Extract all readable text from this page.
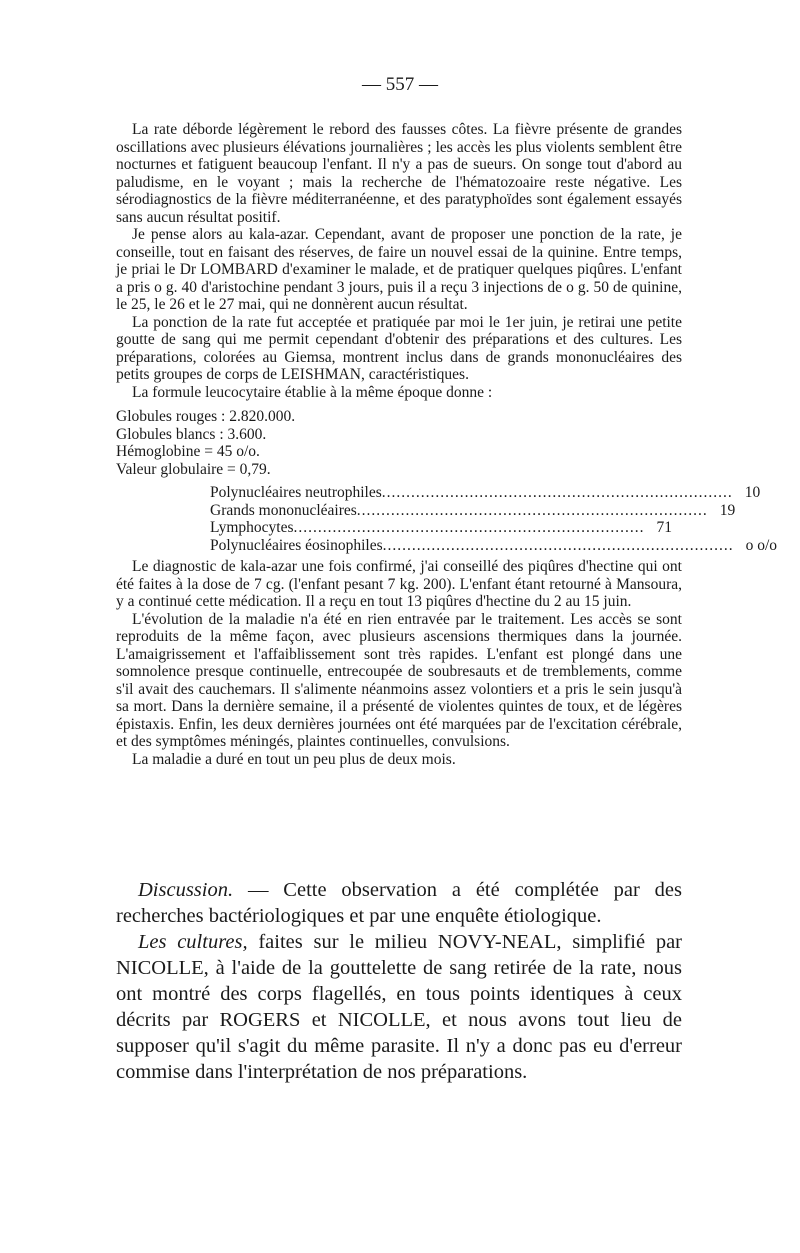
— 557 —

La rate déborde légèrement le rebord des fausses côtes. La fièvre présente de grandes oscillations avec plusieurs élévations journalières ; les accès les plus violents semblent être nocturnes et fatiguent beaucoup l'enfant. Il n'y a pas de sueurs. On songe tout d'abord au paludisme, en le voyant ; mais la recherche de l'hématozoaire reste négative. Les sérodiagnostics de la fièvre méditerranéenne, et des paratyphoïdes sont également essayés sans aucun résultat positif.

Je pense alors au kala-azar. Cependant, avant de proposer une ponction de la rate, je conseille, tout en faisant des réserves, de faire un nouvel essai de la quinine. Entre temps, je priai le Dr LOMBARD d'examiner le malade, et de pratiquer quelques piqûres. L'enfant a pris o g. 40 d'aristochine pendant 3 jours, puis il a reçu 3 injections de o g. 50 de quinine, le 25, le 26 et le 27 mai, qui ne donnèrent aucun résultat.

La ponction de la rate fut acceptée et pratiquée par moi le 1er juin, je retirai une petite goutte de sang qui me permit cependant d'obtenir des préparations et des cultures. Les préparations, colorées au Giemsa, montrent inclus dans de grands mononucléaires des petits groupes de corps de LEISHMAN, caractéristiques.

La formule leucocytaire établie à la même époque donne :

Globules rouges : 2.820.000.

Globules blancs : 3.600.

Hémoglobine = 45 o/o.

Valeur globulaire = 0,79.

Polynucléaires neutrophiles ........................................................................ 10
Grands mononucléaires ........................................................................ 19
Lymphocytes ........................................................................ 71
Polynucléaires éosinophiles ........................................................................ o o/o

Le diagnostic de kala-azar une fois confirmé, j'ai conseillé des piqûres d'hectine qui ont été faites à la dose de 7 cg. (l'enfant pesant 7 kg. 200). L'enfant étant retourné à Mansoura, y a continué cette médication. Il a reçu en tout 13 piqûres d'hectine du 2 au 15 juin.

L'évolution de la maladie n'a été en rien entravée par le traitement. Les accès se sont reproduits de la même façon, avec plusieurs ascensions thermiques dans la journée. L'amaigrissement et l'affaiblissement sont très rapides. L'enfant est plongé dans une somnolence presque continuelle, entrecoupée de soubresauts et de tremblements, comme s'il avait des cauchemars. Il s'alimente néanmoins assez volontiers et a pris le sein jusqu'à sa mort. Dans la dernière semaine, il a présenté de violentes quintes de toux, et de légères épistaxis. Enfin, les deux dernières journées ont été marquées par de l'excitation cérébrale, et des symptômes méningés, plaintes continuelles, convulsions.

La maladie a duré en tout un peu plus de deux mois.

Discussion. — Cette observation a été complétée par des recherches bactériologiques et par une enquête étiologique.

Les cultures, faites sur le milieu NOVY-NEAL, simplifié par NICOLLE, à l'aide de la gouttelette de sang retirée de la rate, nous ont montré des corps flagellés, en tous points identiques à ceux décrits par ROGERS et NICOLLE, et nous avons tout lieu de supposer qu'il s'agit du même parasite. Il n'y a donc pas eu d'erreur commise dans l'interprétation de nos préparations.
